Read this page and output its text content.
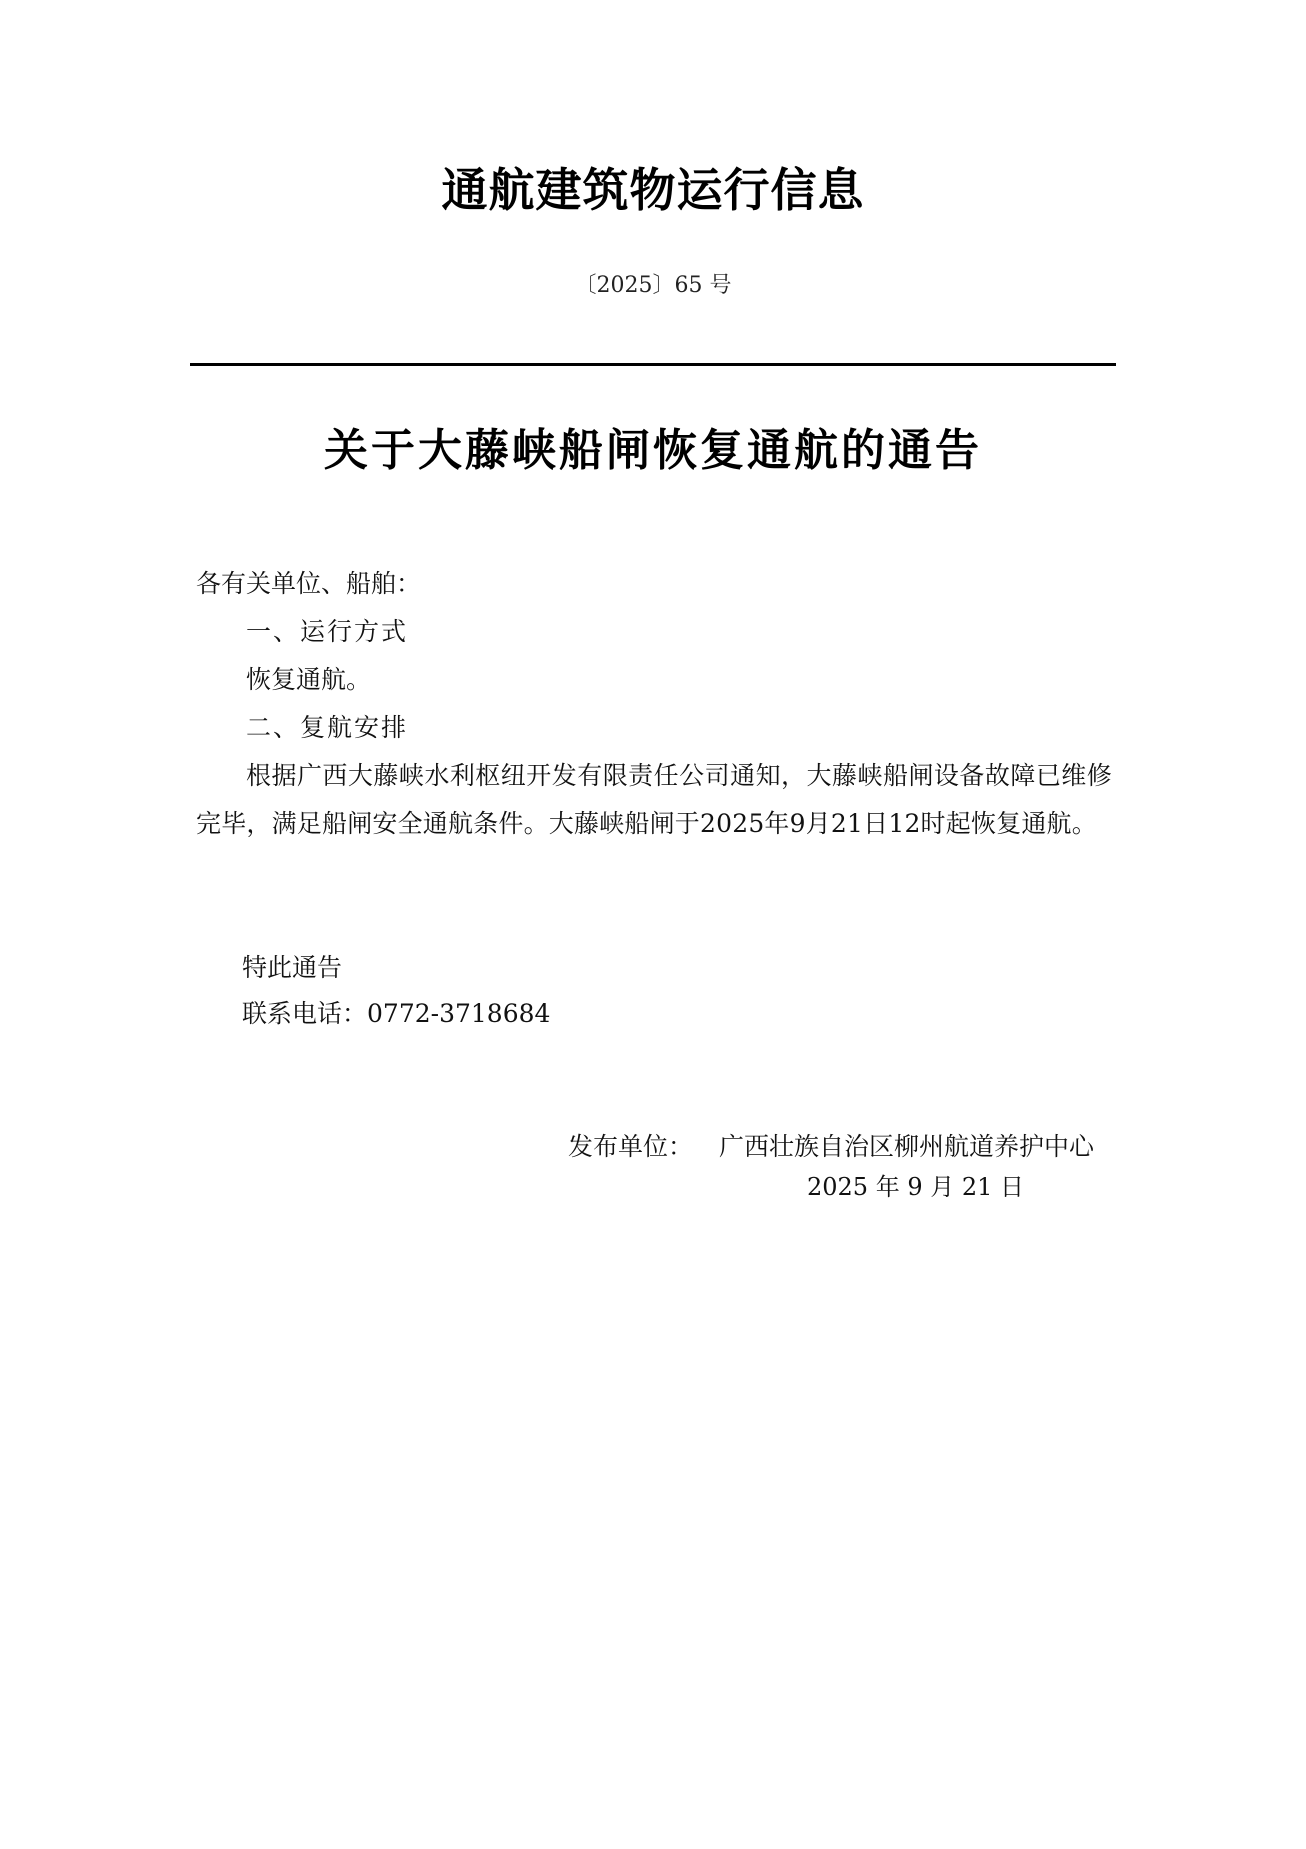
通航建筑物运行信息
〔2025〕65 号
关于大藤峡船闸恢复通航的通告
各有关单位、船舶：
一、运行方式
恢复通航。
二、复航安排
根据广西大藤峡水利枢纽开发有限责任公司通知，大藤峡船闸设备故障已维修完毕，满足船闸安全通航条件。大藤峡船闸于2025年9月21日12时起恢复通航。
特此通告
联系电话：0772-3718684
发布单位： 广西壮族自治区柳州航道养护中心
2025 年 9 月 21 日
